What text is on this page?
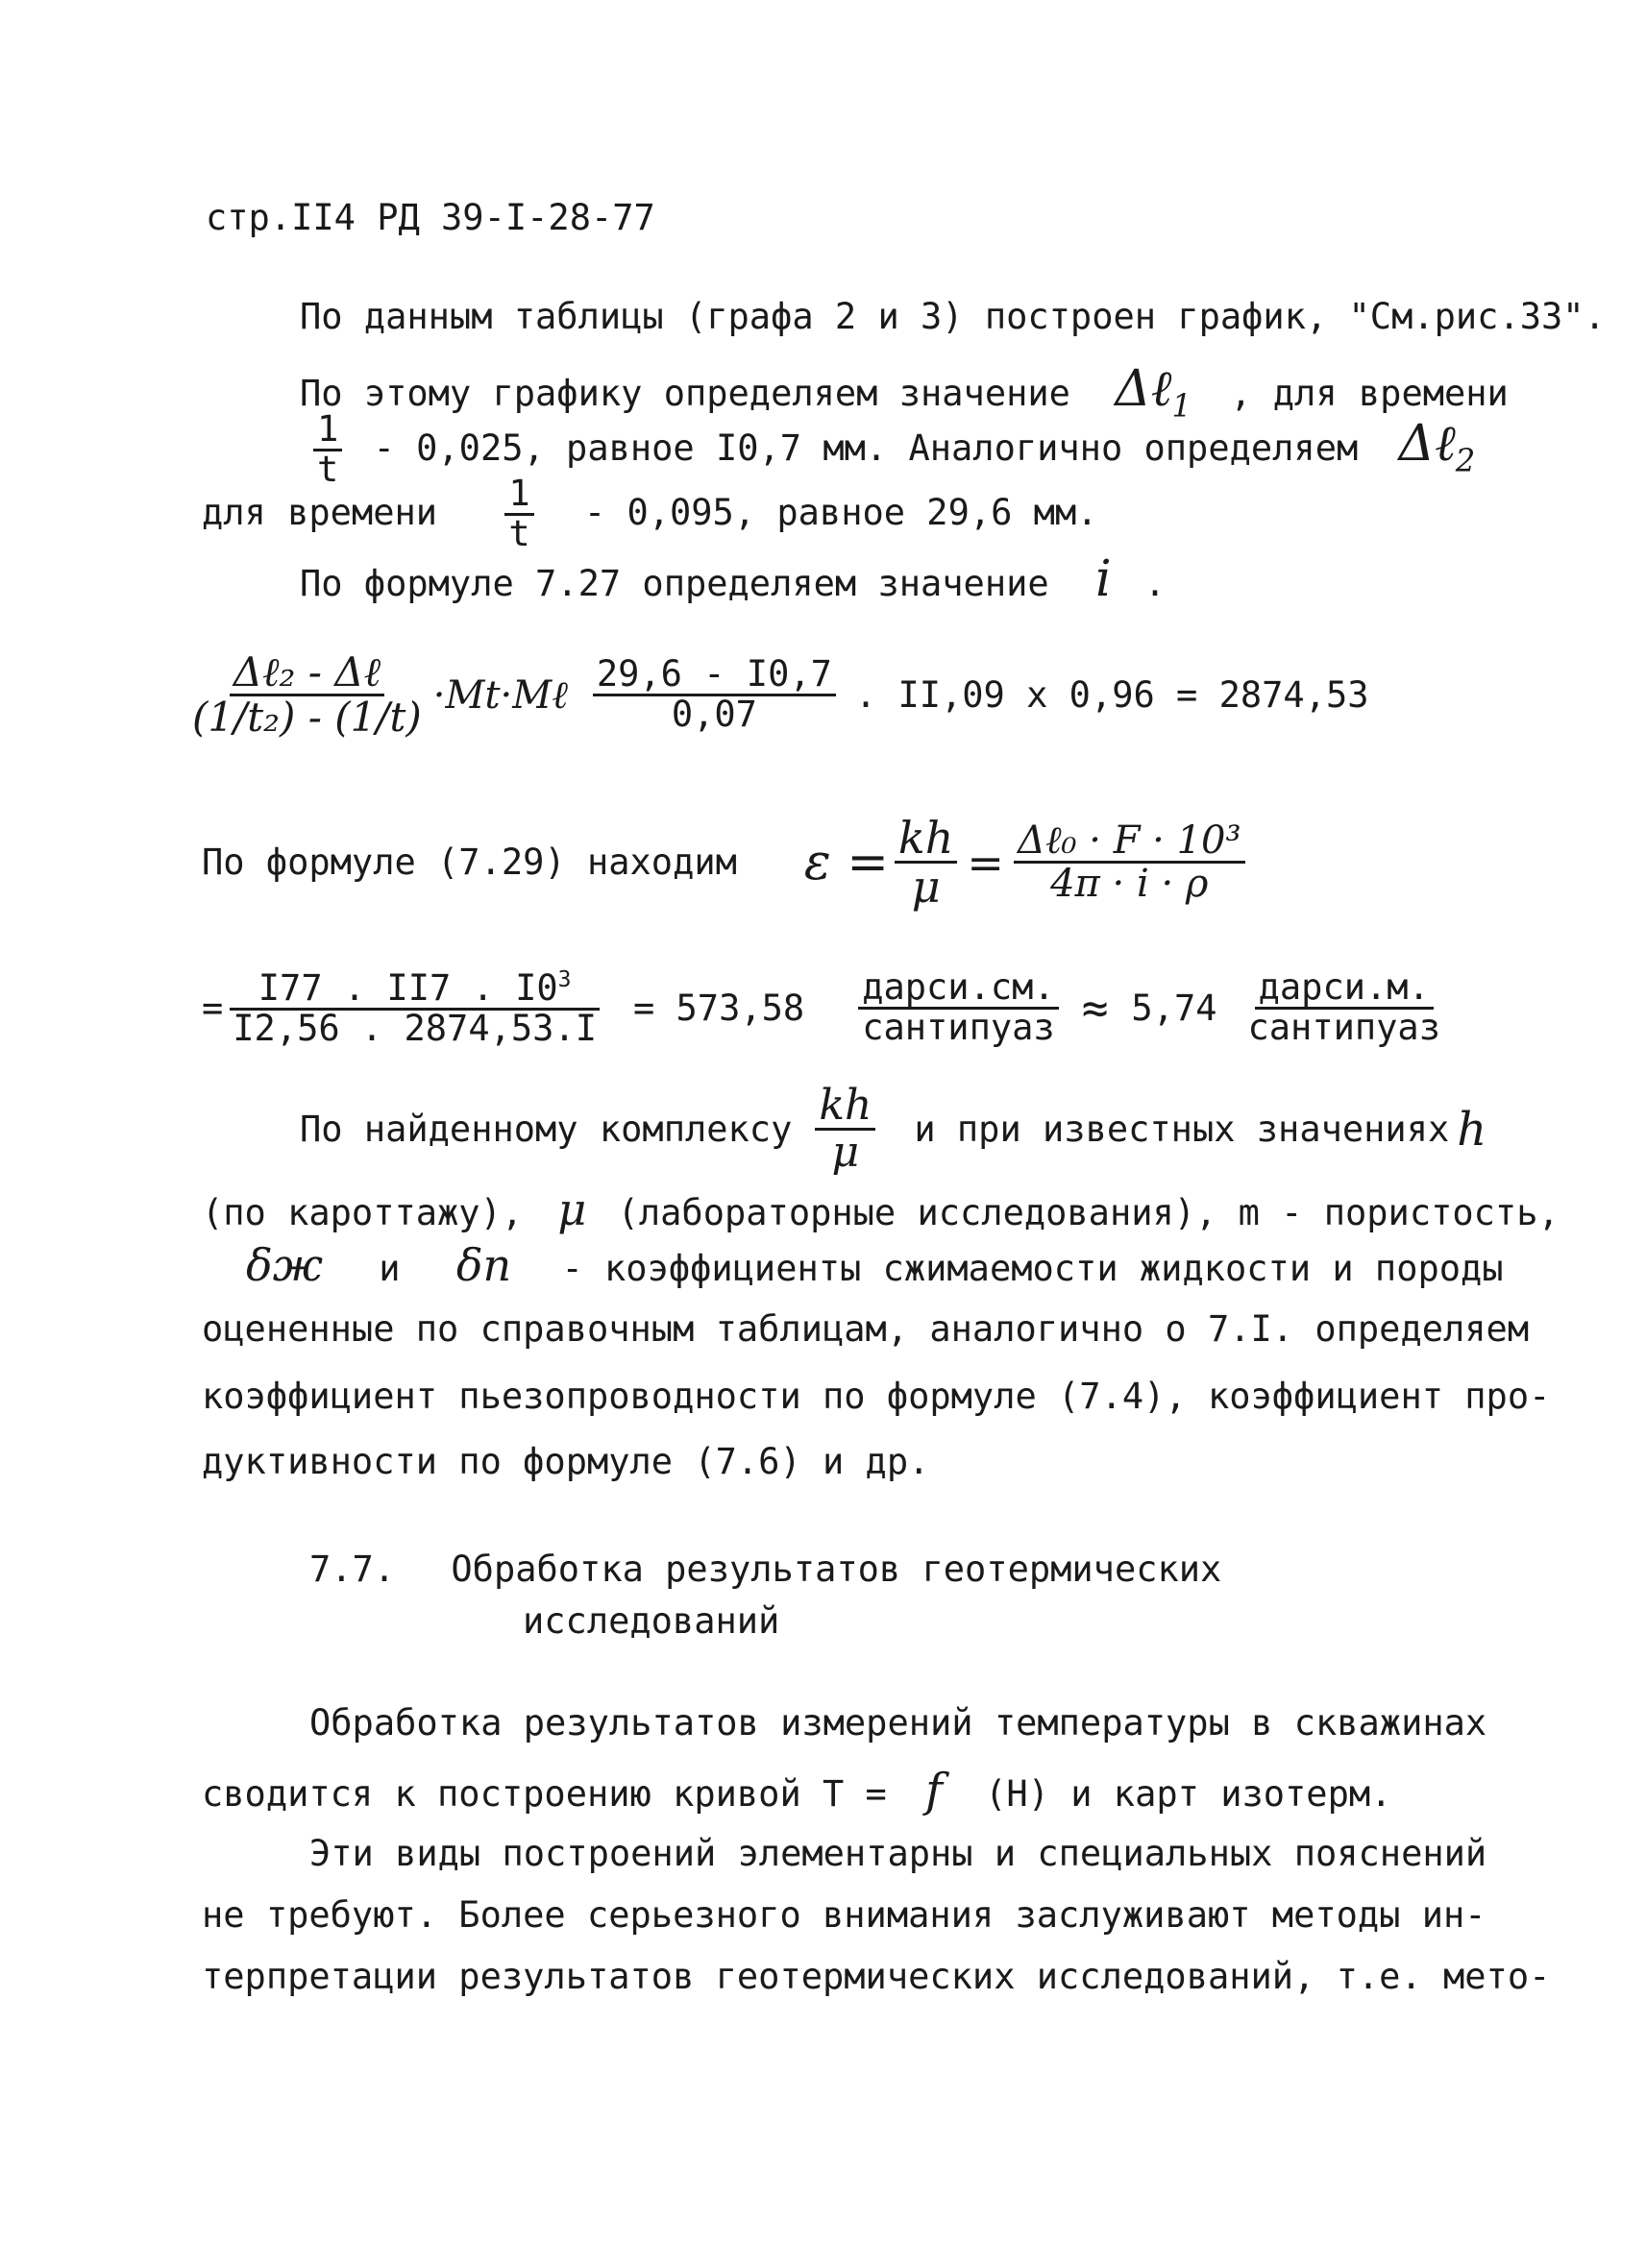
стр.II4 РД 39-I-28-77
По данным таблицы (графа 2 и 3) построен график, "См.рис.33".
По этому графику определяем значение Δℓ$_1$ , для времени
$\frac{1}{t} - 0,025$, равное I0,7 мм. Аналогично определяем Δℓ$_2$
для времени $\frac{1}{t} - 0,095$, равное 29,6 мм.
По формуле 7.27 определяем значение i .
$\frac{\text{Δℓ₂ - Δℓ}}{\text{(1/t₂) - (1/t)}}$ ·Mt·Mℓ $\frac{29,6 - I0,7}{0,07}$ . II,09 x 0,96 = 2874,53
По формуле (7.29) находим $\varepsilon = \frac{kh}{\mu} = \frac{\text{Δℓ₀ · F · 10³}}{4\pi \cdot i \cdot \rho}$
= $\frac{I77 . II7 . I0^3}{I2,56 . 2874,53.I} = 573,58 \frac{\text{дарси.см.}}{\text{сантипуаз}} \approx 5,74 \frac{\text{дарси.м.}}{\text{сантипуаз}}$
По найденному комплексу $\frac{kh}{\mu}$ и при известных значениях h
(по кароттажу), μ (лабораторные исследования), m - пористость,
δж и δп - коэффициенты сжимаемости жидкости и породы
оцененные по справочным таблицам, аналогично о 7.I. определяем
коэффициент пьезопроводности по формуле (7.4), коэффициент про-
дуктивности по формуле (7.6) и др.
7.7. Обработка результатов геотермических
исследований
Обработка результатов измерений температуры в скважинах
сводится к построению кривой Т = f (Н) и карт изотерм.
Эти виды построений элементарны и специальных пояснений
не требуют. Более серьезного внимания заслуживают методы ин-
терпретации результатов геотермических исследований, т.е. мето-
